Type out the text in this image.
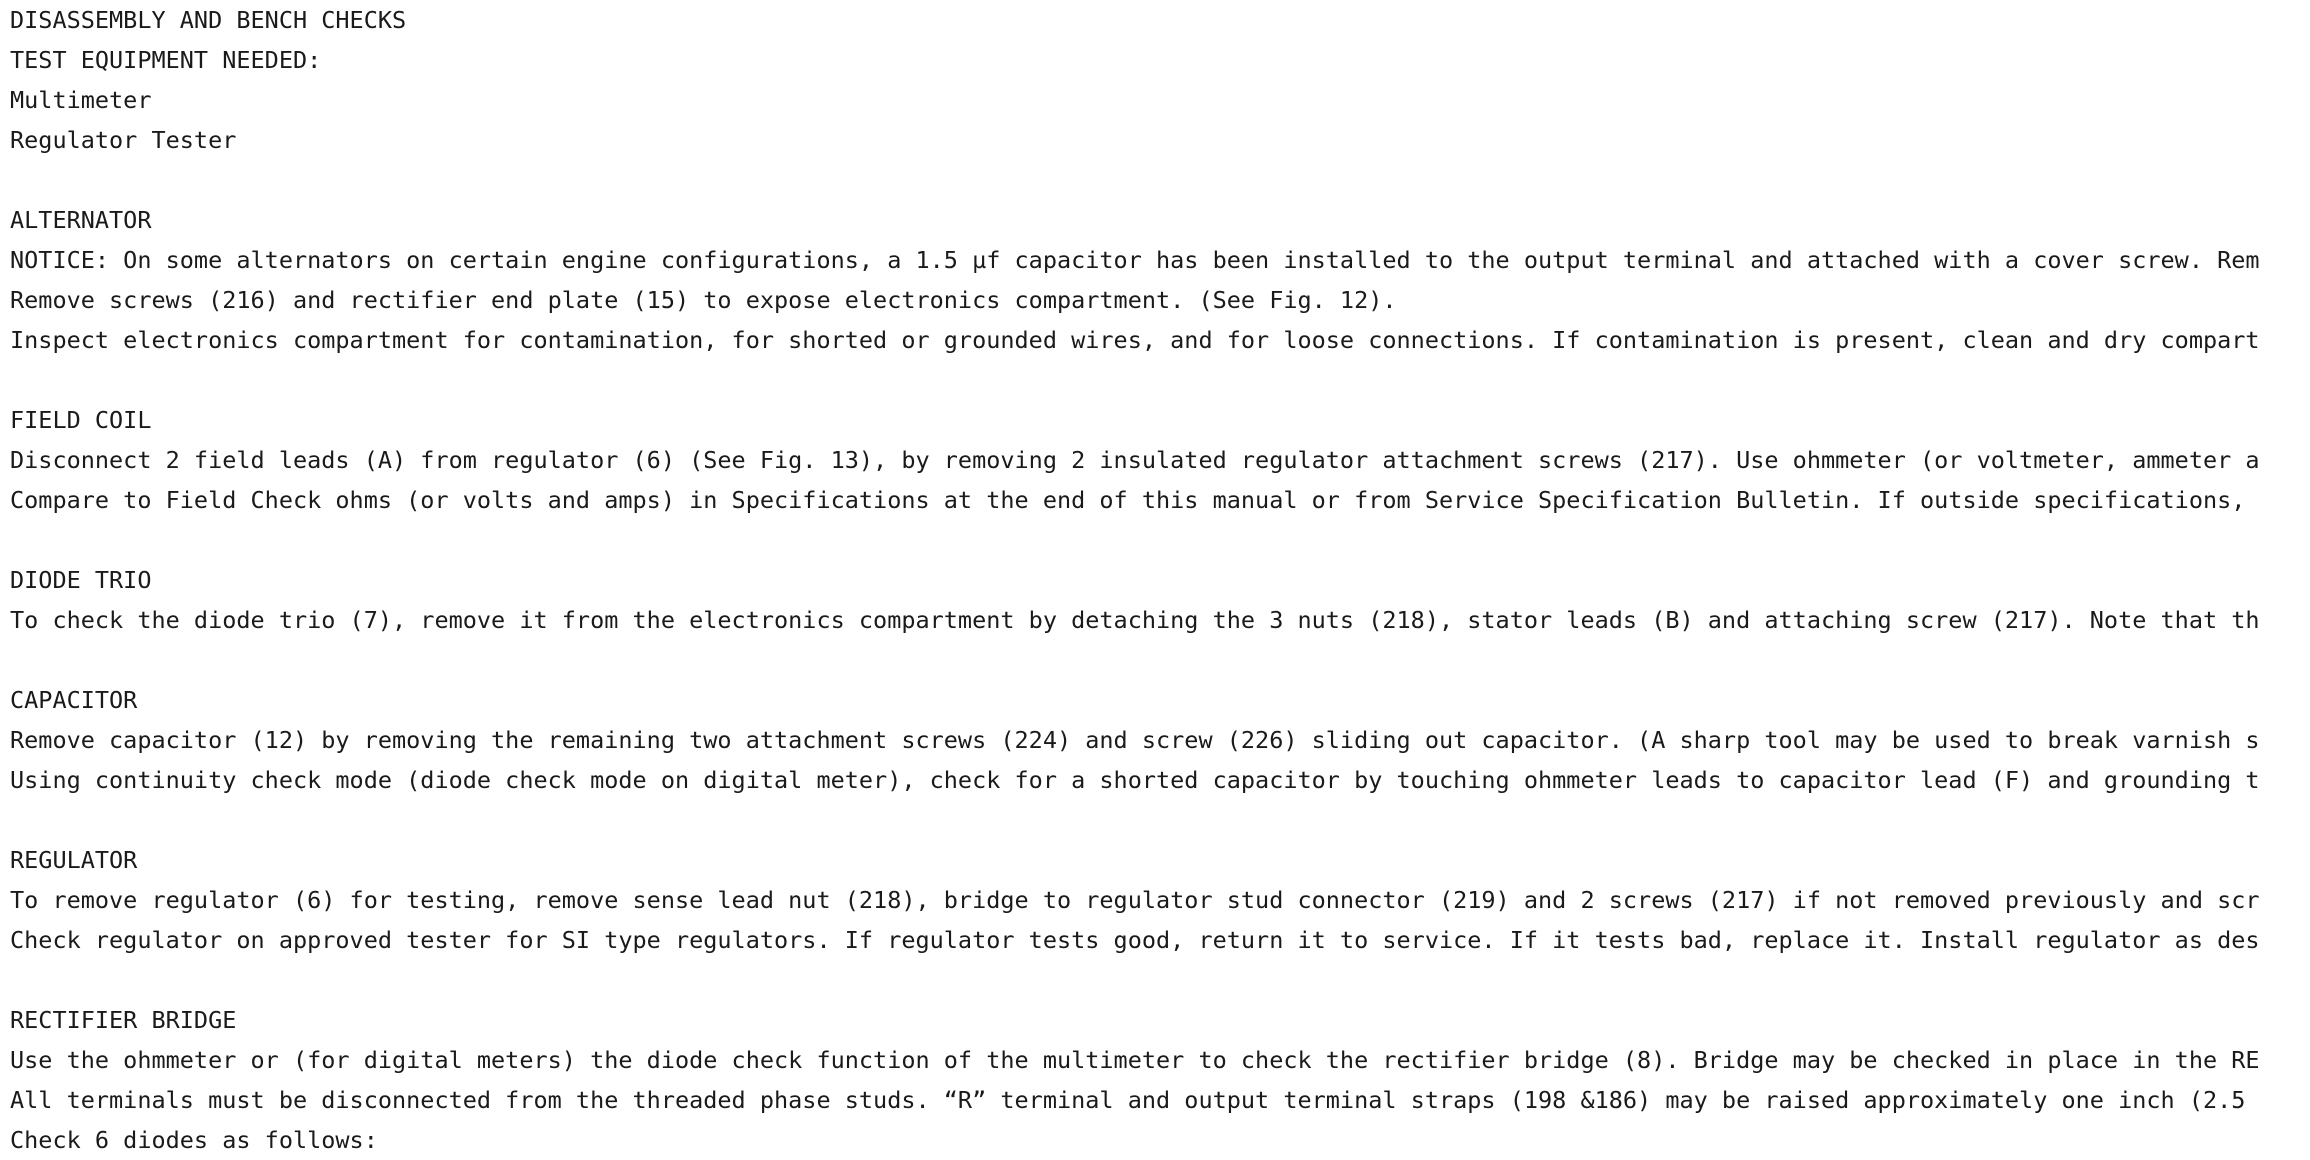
DISASSEMBLY AND BENCH CHECKS
TEST EQUIPMENT NEEDED:
Multimeter
Regulator Tester
ALTERNATOR
NOTICE: On some alternators on certain engine configurations, a 1.5 µf capacitor has been installed to the output terminal and attached with a cover screw. Rem
Remove screws (216) and rectifier end plate (15) to expose electronics compartment. (See Fig. 12).
Inspect electronics compartment for contamination, for shorted or grounded wires, and for loose connections. If contamination is present, clean and dry compart
FIELD COIL
Disconnect 2 field leads (A) from regulator (6) (See Fig. 13), by removing 2 insulated regulator attachment screws (217). Use ohmmeter (or voltmeter, ammeter a
Compare to Field Check ohms (or volts and amps) in Specifications at the end of this manual or from Service Specification Bulletin. If outside specifications,
DIODE TRIO
To check the diode trio (7), remove it from the electronics compartment by detaching the 3 nuts (218), stator leads (B) and attaching screw (217). Note that th
CAPACITOR
Remove capacitor (12) by removing the remaining two attachment screws (224) and screw (226) sliding out capacitor. (A sharp tool may be used to break varnish s
Using continuity check mode (diode check mode on digital meter), check for a shorted capacitor by touching ohmmeter leads to capacitor lead (F) and grounding t
REGULATOR
To remove regulator (6) for testing, remove sense lead nut (218), bridge to regulator stud connector (219) and 2 screws (217) if not removed previously and scr
Check regulator on approved tester for SI type regulators. If regulator tests good, return it to service. If it tests bad, replace it. Install regulator as des
RECTIFIER BRIDGE
Use the ohmmeter or (for digital meters) the diode check function of the multimeter to check the rectifier bridge (8). Bridge may be checked in place in the RE
All terminals must be disconnected from the threaded phase studs. “R” terminal and output terminal straps (198 &186) may be raised approximately one inch (2.5
Check 6 diodes as follows:
